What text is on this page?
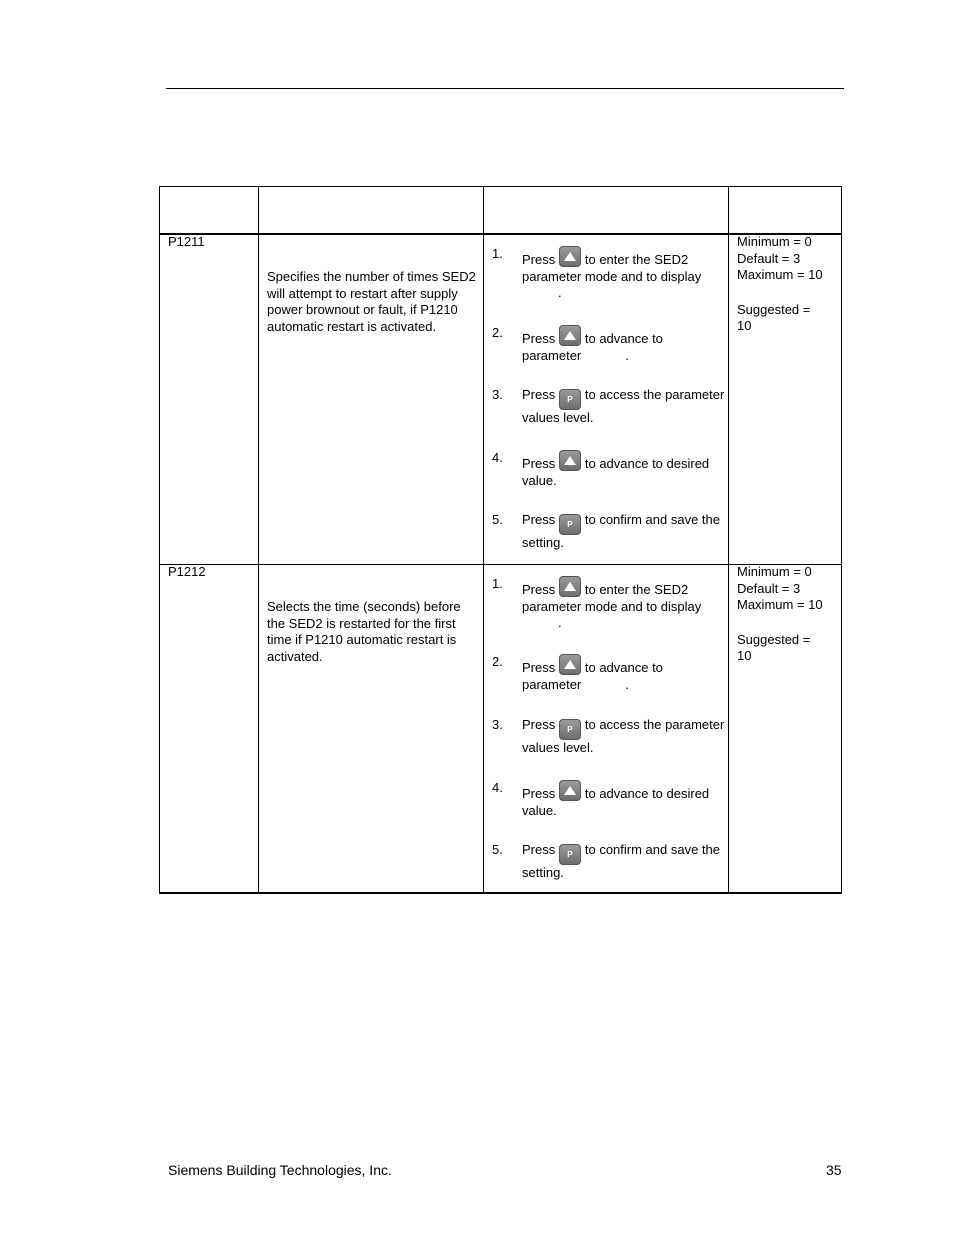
P1211
Specifies the number of times SED2 will attempt to restart after supply power brownout or fault, if P1210 automatic restart is activated.
1. Press to enter the SED2 parameter mode and to display
.
2. Press to advance to parameter	.
3. Press P to access the parameter values level.
4. Press to advance to desired value.
5. Press P to confirm and save the setting.
Minimum = 0
Default = 3
Maximum = 10
Suggested = 10
P1212
Selects the time (seconds) before the SED2 is restarted for the first time if P1210 automatic restart is activated.
1. Press to enter the SED2 parameter mode and to display
.
2. Press to advance to parameter	.
3. Press P to access the parameter values level.
4. Press to advance to desired value.
5. Press P to confirm and save the setting.
Minimum = 0
Default = 3
Maximum = 10
Suggested = 10
Siemens Building Technologies, Inc.	35
